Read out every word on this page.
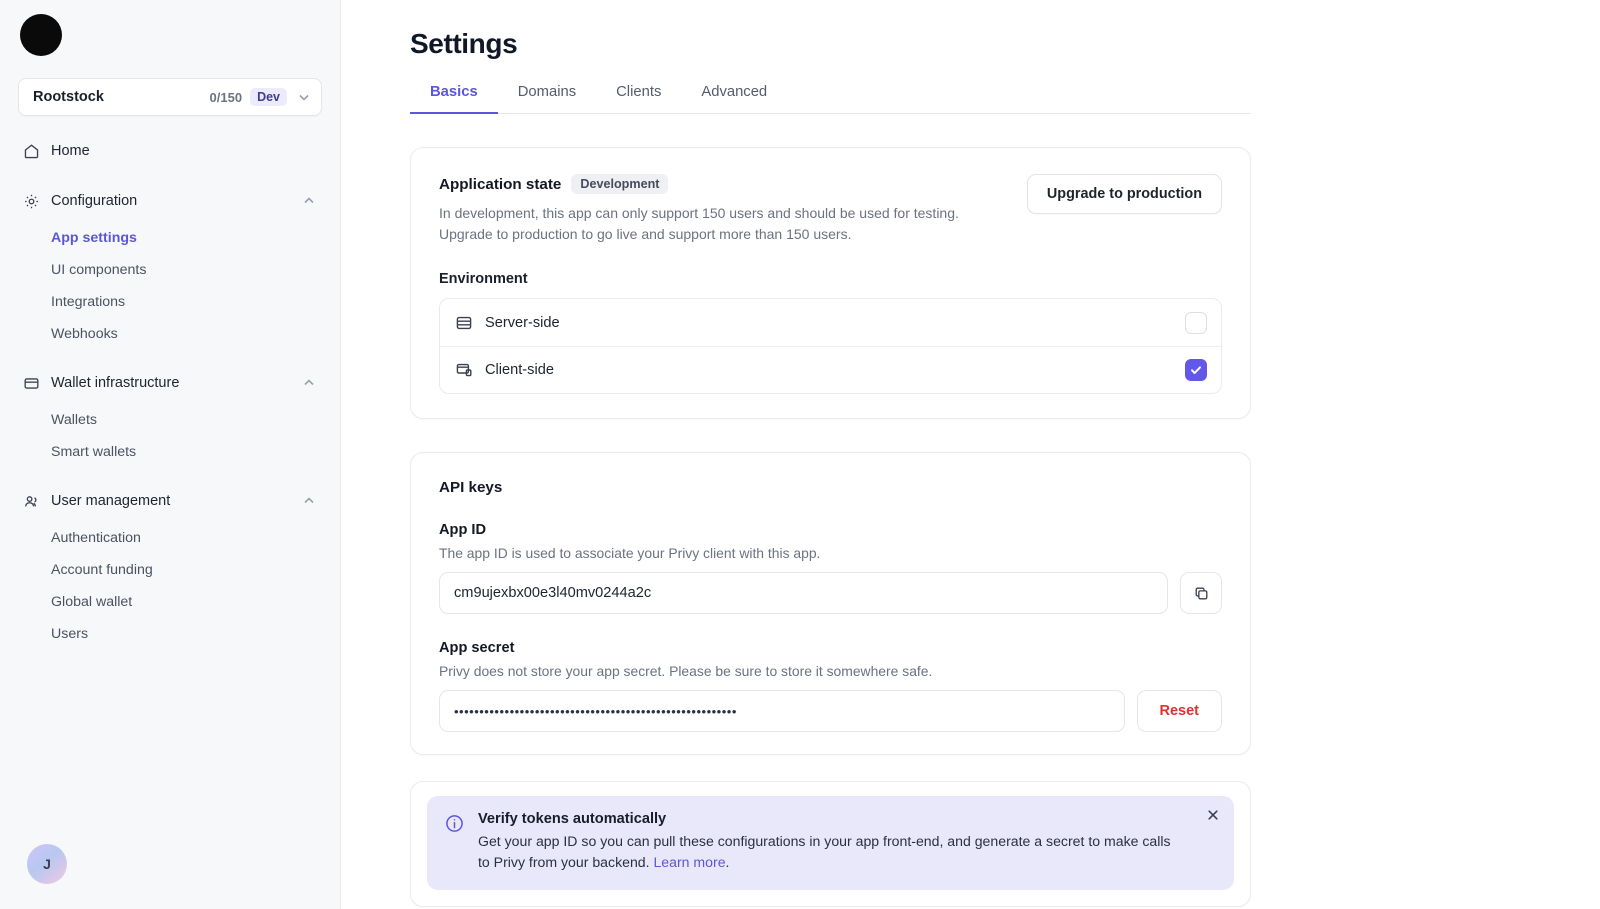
Rootstock	0/150	Dev
Home
Configuration
App settings
UI components
Integrations
Webhooks
Wallet infrastructure
Wallets
Smart wallets
User management
Authentication
Account funding
Global wallet
Users
J
Settings
Basics	Domains	Clients	Advanced
Application state	Development
In development, this app can only support 150 users and should be used for testing. Upgrade to production to go live and support more than 150 users.
Upgrade to production
Environment
Server-side
Client-side
API keys
App ID
The app ID is used to associate your Privy client with this app.
cm9ujexbx00e3l40mv0244a2c
App secret
Privy does not store your app secret. Please be sure to store it somewhere safe.
••••••••••••••••••••••••••••••••••••••••••••••••••••••••	Reset
Verify tokens automatically
Get your app ID so you can pull these configurations in your app front-end, and generate a secret to make calls to Privy from your backend. Learn more.
